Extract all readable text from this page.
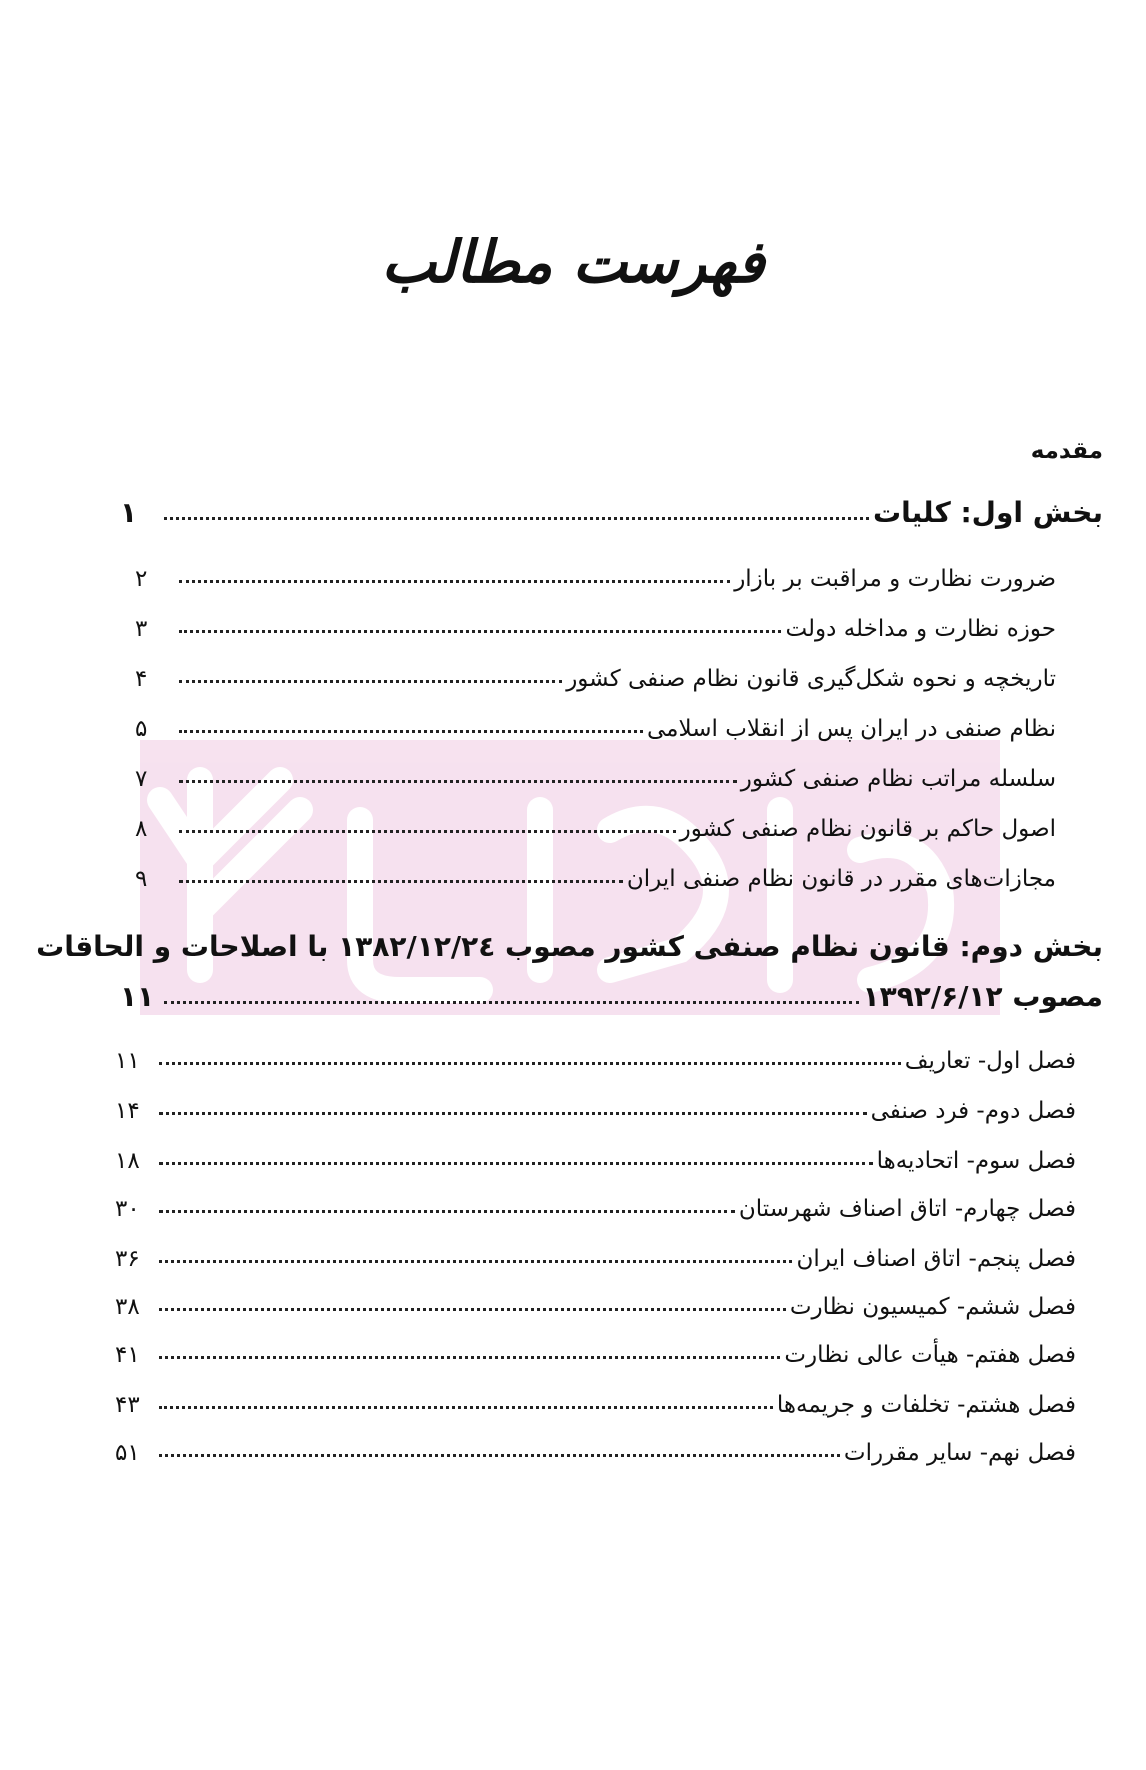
فهرست مطالب
مقدمه
بخش اول: کلیات
۱
ضرورت نظارت و مراقبت بر بازار
۲
حوزه نظارت و مداخله دولت
۳
تاریخچه و نحوه شکل‌گیری قانون نظام صنفی کشور
۴
نظام صنفی در ایران پس از انقلاب اسلامی
۵
سلسله مراتب نظام صنفی کشور
۷
اصول حاکم بر قانون نظام صنفی کشور
۸
مجازات‌های مقرر در قانون نظام صنفی ایران
۹
بخش دوم: قانون نظام صنفی کشور مصوب ۱۳۸۲/۱۲/۲٤ با اصلاحات و الحاقات
مصوب ۱۳۹۲/۶/۱۲
۱۱
فصل اول- تعاریف
۱۱
فصل دوم- فرد صنفی
۱۴
فصل سوم- اتحادیه‌ها
۱۸
فصل چهارم- اتاق اصناف شهرستان
۳۰
فصل پنجم- اتاق اصناف ایران
۳۶
فصل ششم- کمیسیون نظارت
۳۸
فصل هفتم- هیأت عالی نظارت
۴۱
فصل هشتم- تخلفات و جریمه‌ها
۴۳
فصل نهم- سایر مقررات
۵۱
